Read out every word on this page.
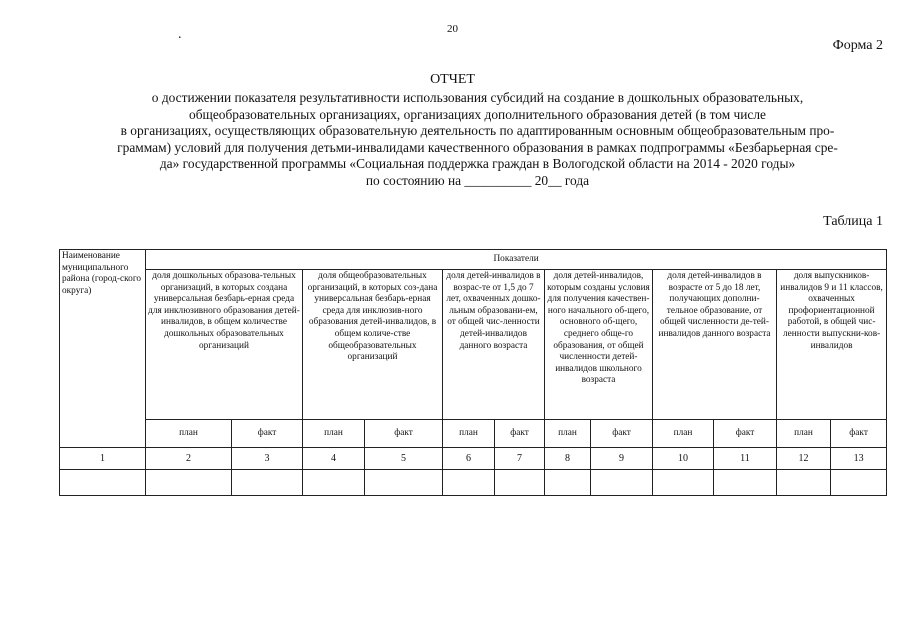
20
.
Форма 2
ОТЧЕТ
о достижении показателя результативности использования субсидий на создание в дошкольных образовательных,
общеобразовательных организациях, организациях дополнительного образования детей (в том числе
в организациях, осуществляющих образовательную деятельность по адаптированным основным общеобразовательным про-
граммам) условий для получения детьми-инвалидами качественного образования в рамках подпрограммы «Безбарьерная сре-
да» государственной программы «Социальная поддержка граждан в Вологодской области на 2014 - 2020 годы»
по состоянию на __________ 20__ года
Таблица 1
Наименование муниципального района (город-ского округа)	Показатели											
	доля дошкольных образова-тельных организаций, в которых создана универсальная безбарь-ерная среда для инклюзивного образования детей-инвалидов, в общем количестве дошкольных образовательных организаций		доля общеобразовательных организаций, в которых соз-дана универсальная безбарь-ерная среда для инклюзив-ного образования детей-инвалидов, в общем количе-стве общеобразовательных организаций		доля детей-инвалидов в возрас-те от 1,5 до 7 лет, охваченных дошко-льным образовани-ем, от общей чис-ленности детей-инвалидов данного возраста		доля детей-инвалидов, которым созданы условия для получения качествен-ного начального об-щего, основного об-щего, среднего обще-го образования, от общей численности детей-инвалидов школьного возраста		доля детей-инвалидов в возрасте от 5 до 18 лет, получающих дополни-тельное образование, от общей численности де-тей-инвалидов данного возраста		доля выпускников-инвалидов 9 и 11 классов, охваченных профориентационной работой, в общей чис-ленности выпускни-ков-инвалидов	
	план	факт	план	факт	план	факт	план	факт	план	факт	план	факт
1	2	3	4	5	6	7	8	9	10	11	12	13
